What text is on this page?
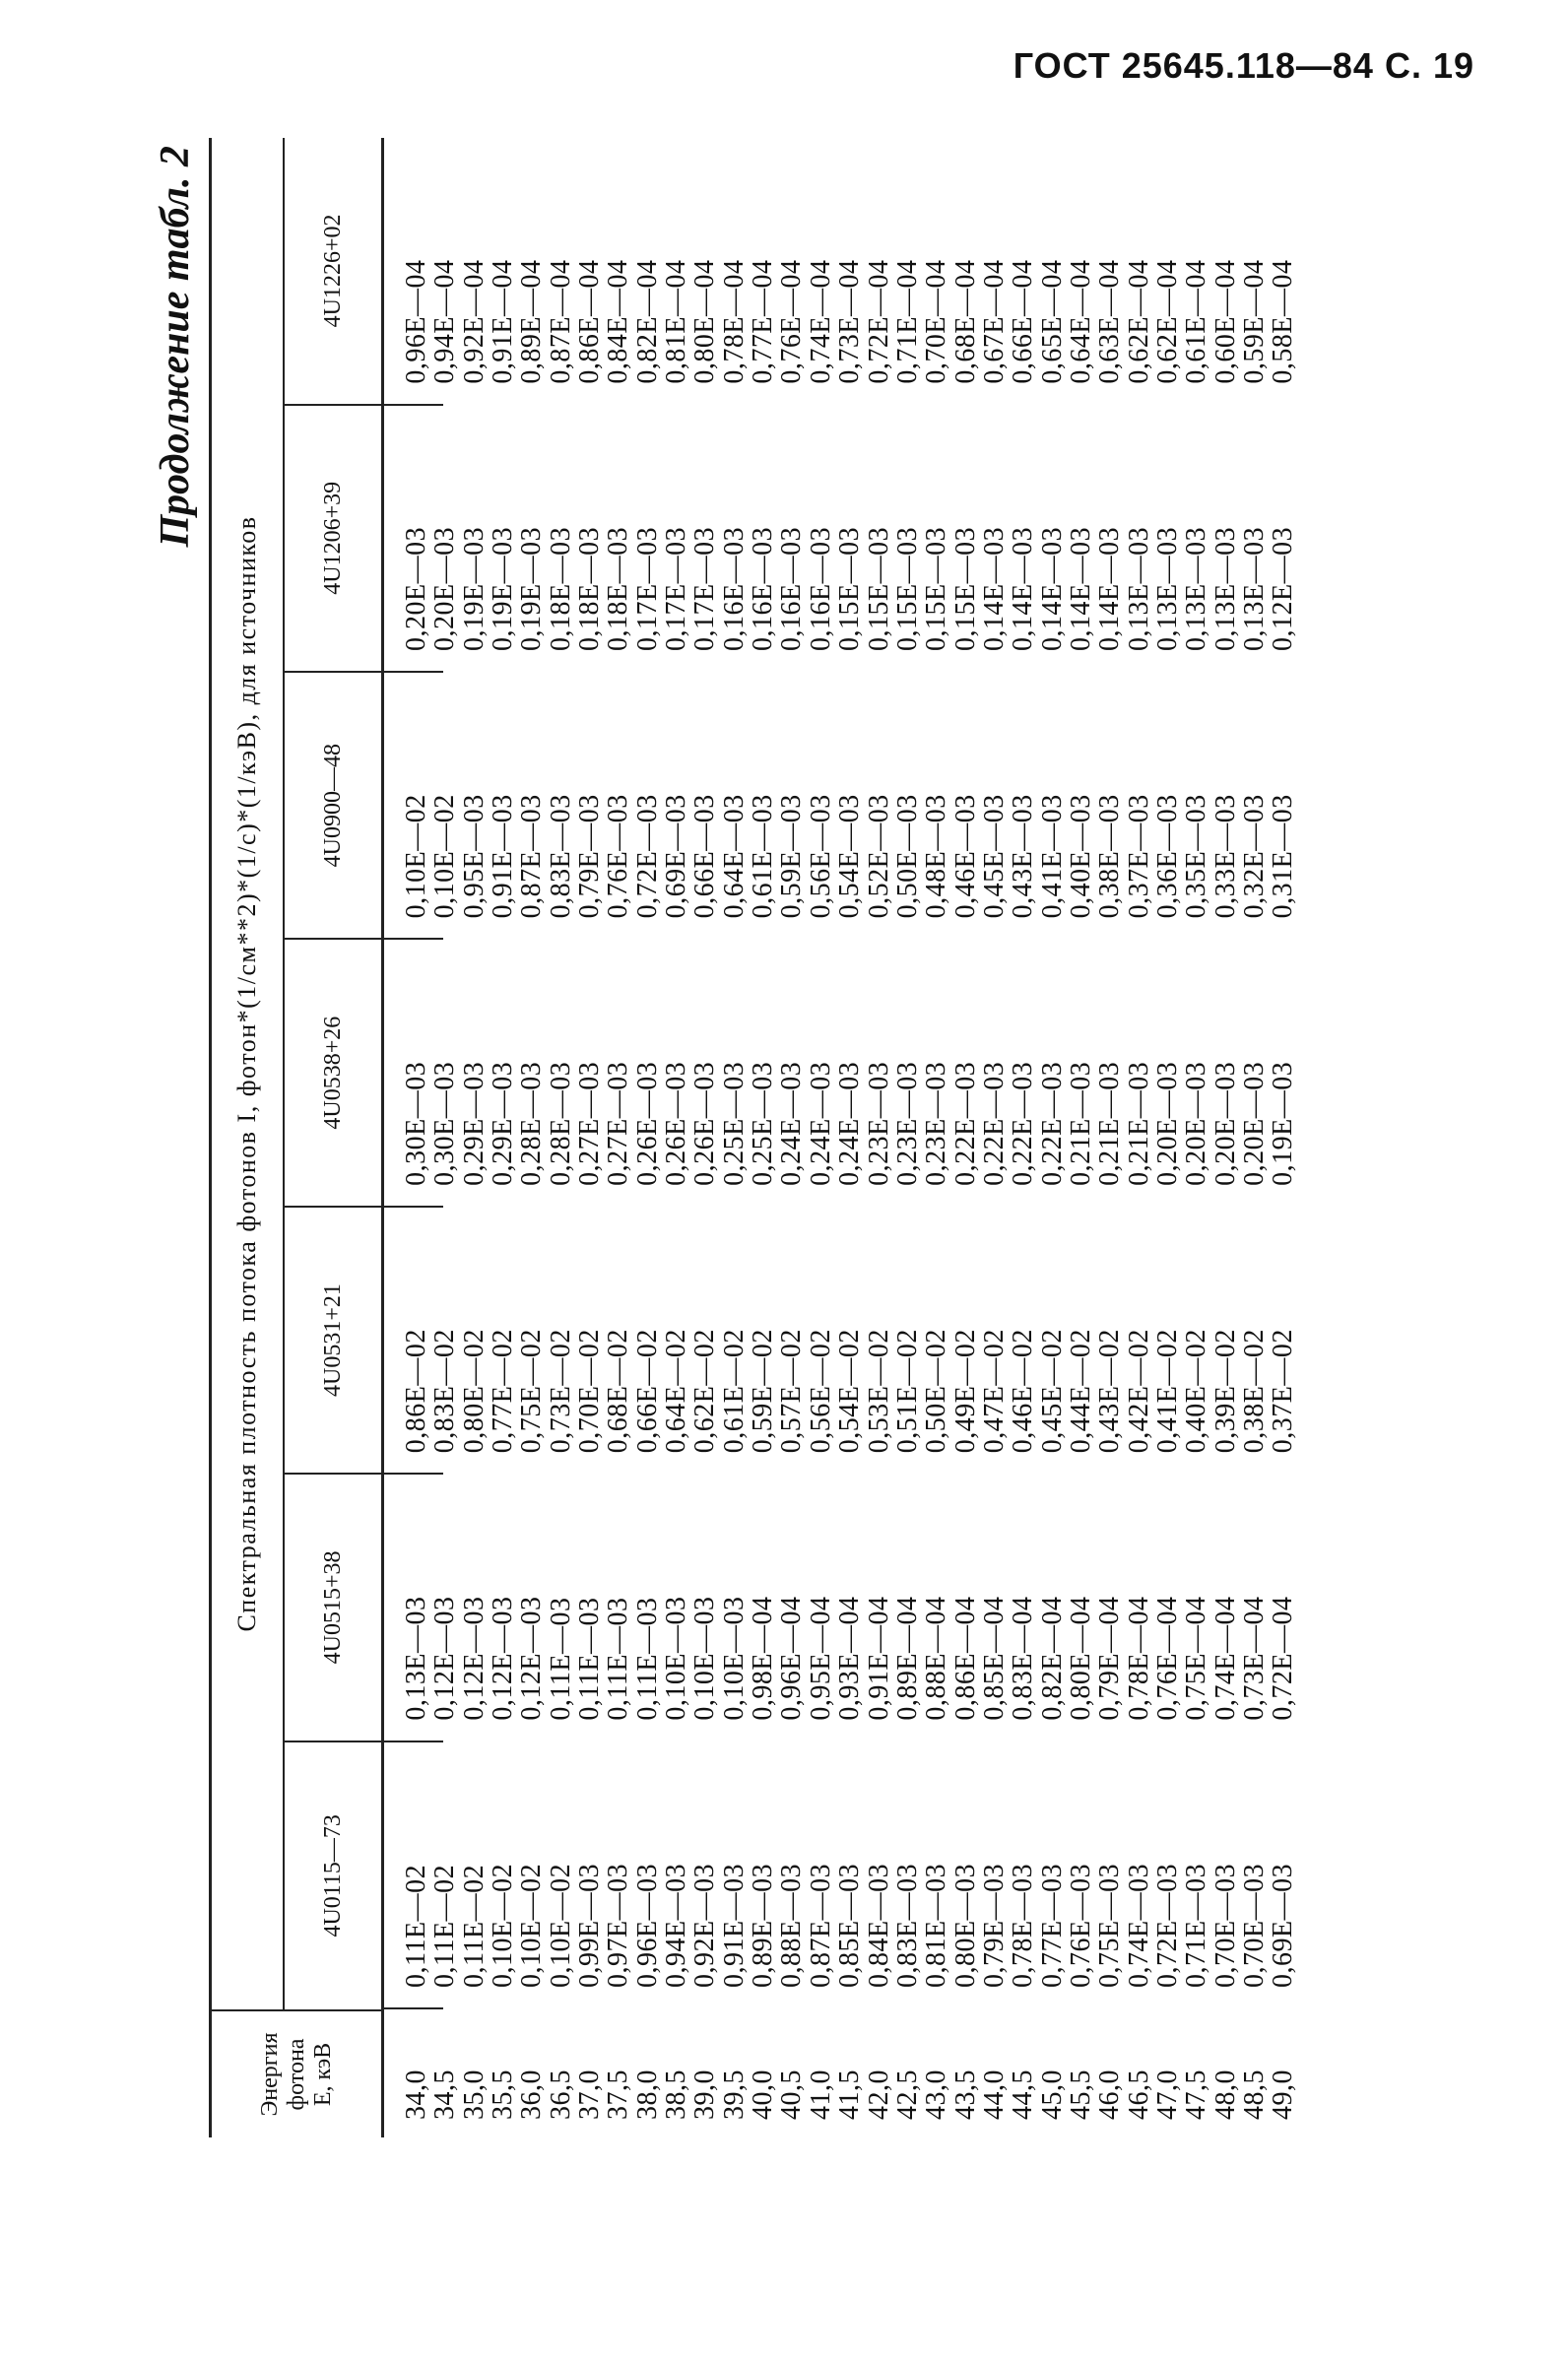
ГОСТ 25645.118—84 С. 19
Продолжение табл. 2
Энергия фотона E, кэВ
Спектральная плотность потока фотонов I, фотон*(1/см**2)*(1/с)*(1/кэВ), для источников
4U0115—73
4U0515+38
4U0531+21
4U0538+26
4U0900—48
4U1206+39
4U1226+02
34,0
34,5
35,0
35,5
36,0
36,5
37,0
37,5
38,0
38,5
39,0
39,5
40,0
40,5
41,0
41,5
42,0
42,5
43,0
43,5
44,0
44,5
45,0
45,5
46,0
46,5
47,0
47,5
48,0
48,5
49,0
0,11E—02
0,11E—02
0,11E—02
0,10E—02
0,10E—02
0,10E—02
0,99E—03
0,97E—03
0,96E—03
0,94E—03
0,92E—03
0,91E—03
0,89E—03
0,88E—03
0,87E—03
0,85E—03
0,84E—03
0,83E—03
0,81E—03
0,80E—03
0,79E—03
0,78E—03
0,77E—03
0,76E—03
0,75E—03
0,74E—03
0,72E—03
0,71E—03
0,70E—03
0,70E—03
0,69E—03
0,13E—03
0,12E—03
0,12E—03
0,12E—03
0,12E—03
0,11E—03
0,11E—03
0,11E—03
0,11E—03
0,10E—03
0,10E—03
0,10E—03
0,98E—04
0,96E—04
0,95E—04
0,93E—04
0,91E—04
0,89E—04
0,88E—04
0,86E—04
0,85E—04
0,83E—04
0,82E—04
0,80E—04
0,79E—04
0,78E—04
0,76E—04
0,75E—04
0,74E—04
0,73E—04
0,72E—04
0,86E—02
0,83E—02
0,80E—02
0,77E—02
0,75E—02
0,73E—02
0,70E—02
0,68E—02
0,66E—02
0,64E—02
0,62E—02
0,61E—02
0,59E—02
0,57E—02
0,56E—02
0,54E—02
0,53E—02
0,51E—02
0,50E—02
0,49E—02
0,47E—02
0,46E—02
0,45E—02
0,44E—02
0,43E—02
0,42E—02
0,41E—02
0,40E—02
0,39E—02
0,38E—02
0,37E—02
0,30E—03
0,30E—03
0,29E—03
0,29E—03
0,28E—03
0,28E—03
0,27E—03
0,27E—03
0,26E—03
0,26E—03
0,26E—03
0,25E—03
0,25E—03
0,24E—03
0,24E—03
0,24E—03
0,23E—03
0,23E—03
0,23E—03
0,22E—03
0,22E—03
0,22E—03
0,22E—03
0,21E—03
0,21E—03
0,21E—03
0,20E—03
0,20E—03
0,20E—03
0,20E—03
0,19E—03
0,10E—02
0,10E—02
0,95E—03
0,91E—03
0,87E—03
0,83E—03
0,79E—03
0,76E—03
0,72E—03
0,69E—03
0,66E—03
0,64E—03
0,61E—03
0,59E—03
0,56E—03
0,54E—03
0,52E—03
0,50E—03
0,48E—03
0,46E—03
0,45E—03
0,43E—03
0,41E—03
0,40E—03
0,38E—03
0,37E—03
0,36E—03
0,35E—03
0,33E—03
0,32E—03
0,31E—03
0,20E—03
0,20E—03
0,19E—03
0,19E—03
0,19E—03
0,18E—03
0,18E—03
0,18E—03
0,17E—03
0,17E—03
0,17E—03
0,16E—03
0,16E—03
0,16E—03
0,16E—03
0,15E—03
0,15E—03
0,15E—03
0,15E—03
0,15E—03
0,14E—03
0,14E—03
0,14E—03
0,14E—03
0,14E—03
0,13E—03
0,13E—03
0,13E—03
0,13E—03
0,13E—03
0,12E—03
0,96E—04
0,94E—04
0,92E—04
0,91E—04
0,89E—04
0,87E—04
0,86E—04
0,84E—04
0,82E—04
0,81E—04
0,80E—04
0,78E—04
0,77E—04
0,76E—04
0,74E—04
0,73E—04
0,72E—04
0,71E—04
0,70E—04
0,68E—04
0,67E—04
0,66E—04
0,65E—04
0,64E—04
0,63E—04
0,62E—04
0,62E—04
0,61E—04
0,60E—04
0,59E—04
0,58E—04
